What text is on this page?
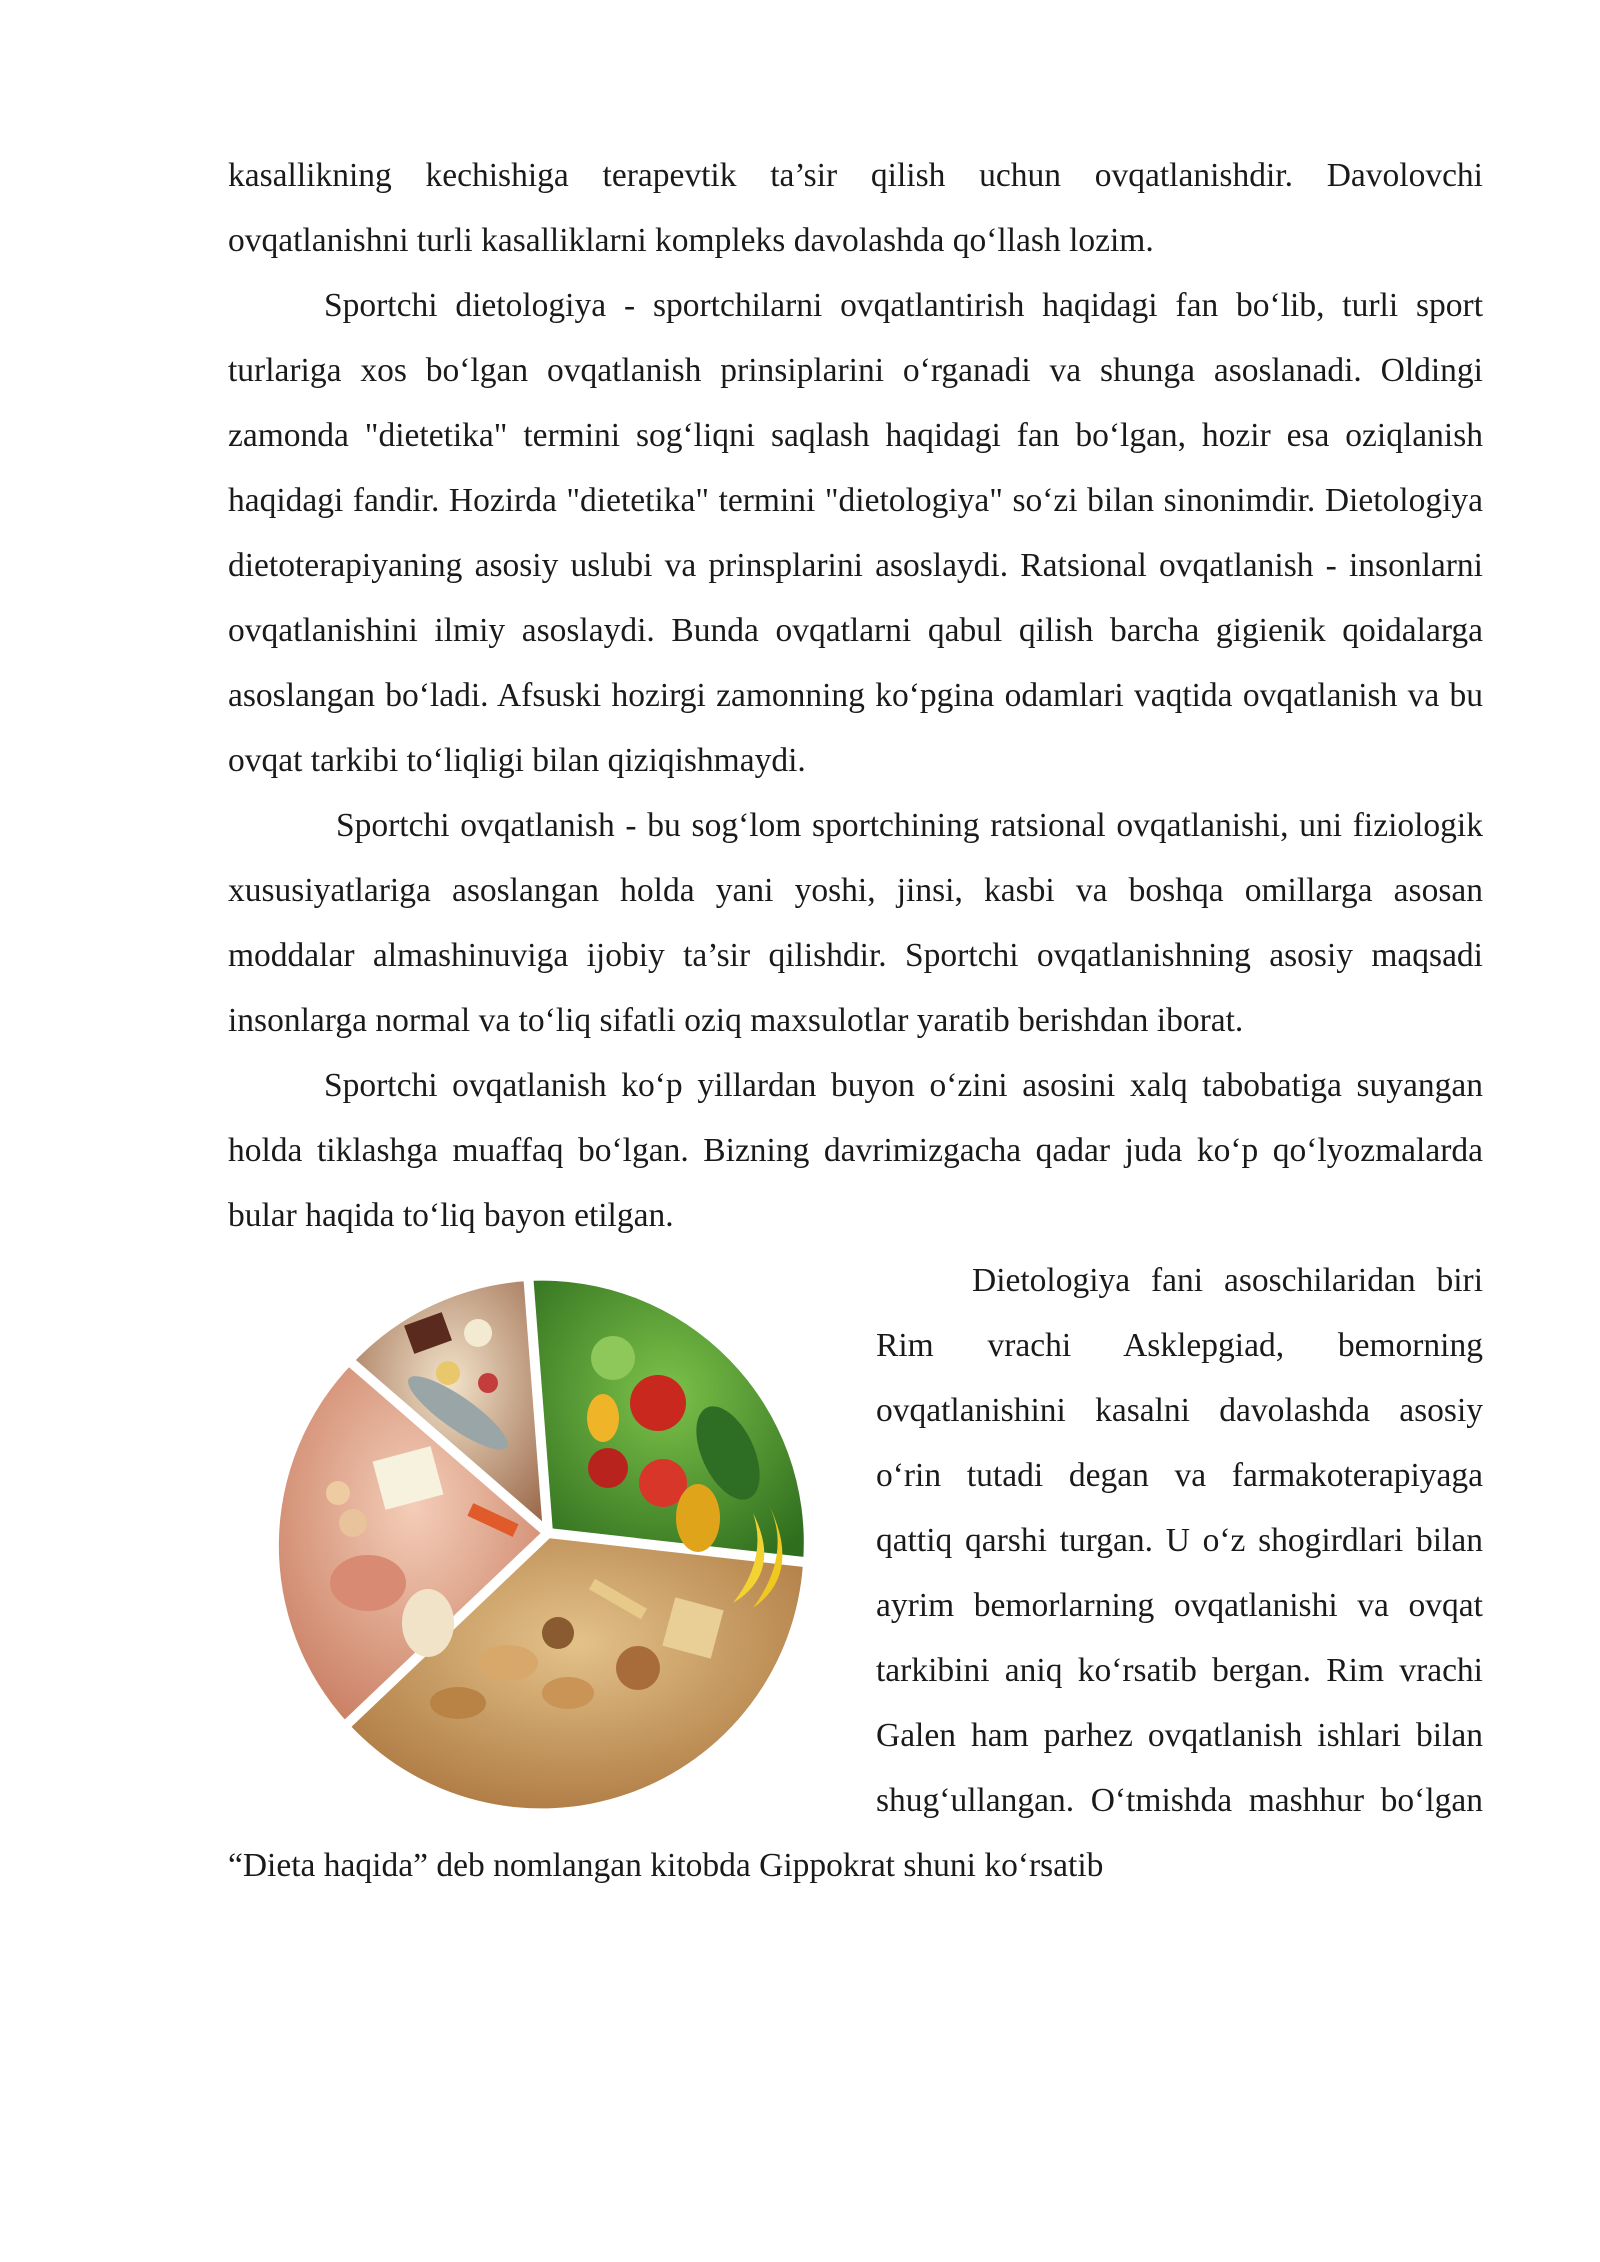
kasallikning kechishiga terapevtik ta’sir qilish uchun ovqatlanishdir. Davolovchi ovqatlanishni turli kasalliklarni kompleks davolashda qo‘llash lozim.

Sportchi dietologiya - sportchilarni ovqatlantirish haqidagi fan bo‘lib, turli sport turlariga xos bo‘lgan ovqatlanish prinsiplarini o‘rganadi va shunga asoslanadi. Oldingi zamonda "dietetika" termini sog‘liqni saqlash haqidagi fan bo‘lgan, hozir esa oziqlanish haqidagi fandir. Hozirda "dietetika" termini "dietologiya" so‘zi bilan sinonimdir. Dietologiya dietoterapiyaning asosiy uslubi va prinsplarini asoslaydi. Ratsional ovqatlanish - insonlarni ovqatlanishini ilmiy asoslaydi. Bunda ovqatlarni qabul qilish barcha gigienik qoidalarga asoslangan bo‘ladi. Afsuski hozirgi zamonning ko‘pgina odamlari vaqtida ovqatlanish va bu ovqat tarkibi to‘liqligi bilan qiziqishmaydi.

Sportchi ovqatlanish - bu sog‘lom sportchining ratsional ovqatlanishi, uni fiziologik xususiyatlariga asoslangan holda yani yoshi, jinsi, kasbi va boshqa omillarga asosan moddalar almashinuviga ijobiy ta’sir qilishdir. Sportchi ovqatlanishning asosiy maqsadi insonlarga normal va to‘liq sifatli oziq maxsulotlar yaratib berishdan iborat.

Sportchi ovqatlanish ko‘p yillardan buyon o‘zini asosini xalq tabobatiga suyangan holda tiklashga muaffaq bo‘lgan. Bizning davrimizgacha qadar juda ko‘p qo‘lyozmalarda bular haqida to‘liq bayon etilgan.

Dietologiya fani asoschilaridan biri Rim vrachi Asklepgiad, bemorning ovqatlanishini kasalni davolashda asosiy o‘rin tutadi degan va farmakoterapiyaga qattiq qarshi turgan. U o‘z shogirdlari bilan ayrim bemorlarning ovqatlanishi va ovqat tarkibini aniq ko‘rsatib bergan. Rim vrachi Galen ham parhez ovqatlanish ishlari bilan shug‘ullangan. O‘tmishda mashhur bo‘lgan “Dieta haqida” deb nomlangan kitobda Gippokrat shuni ko‘rsatib
